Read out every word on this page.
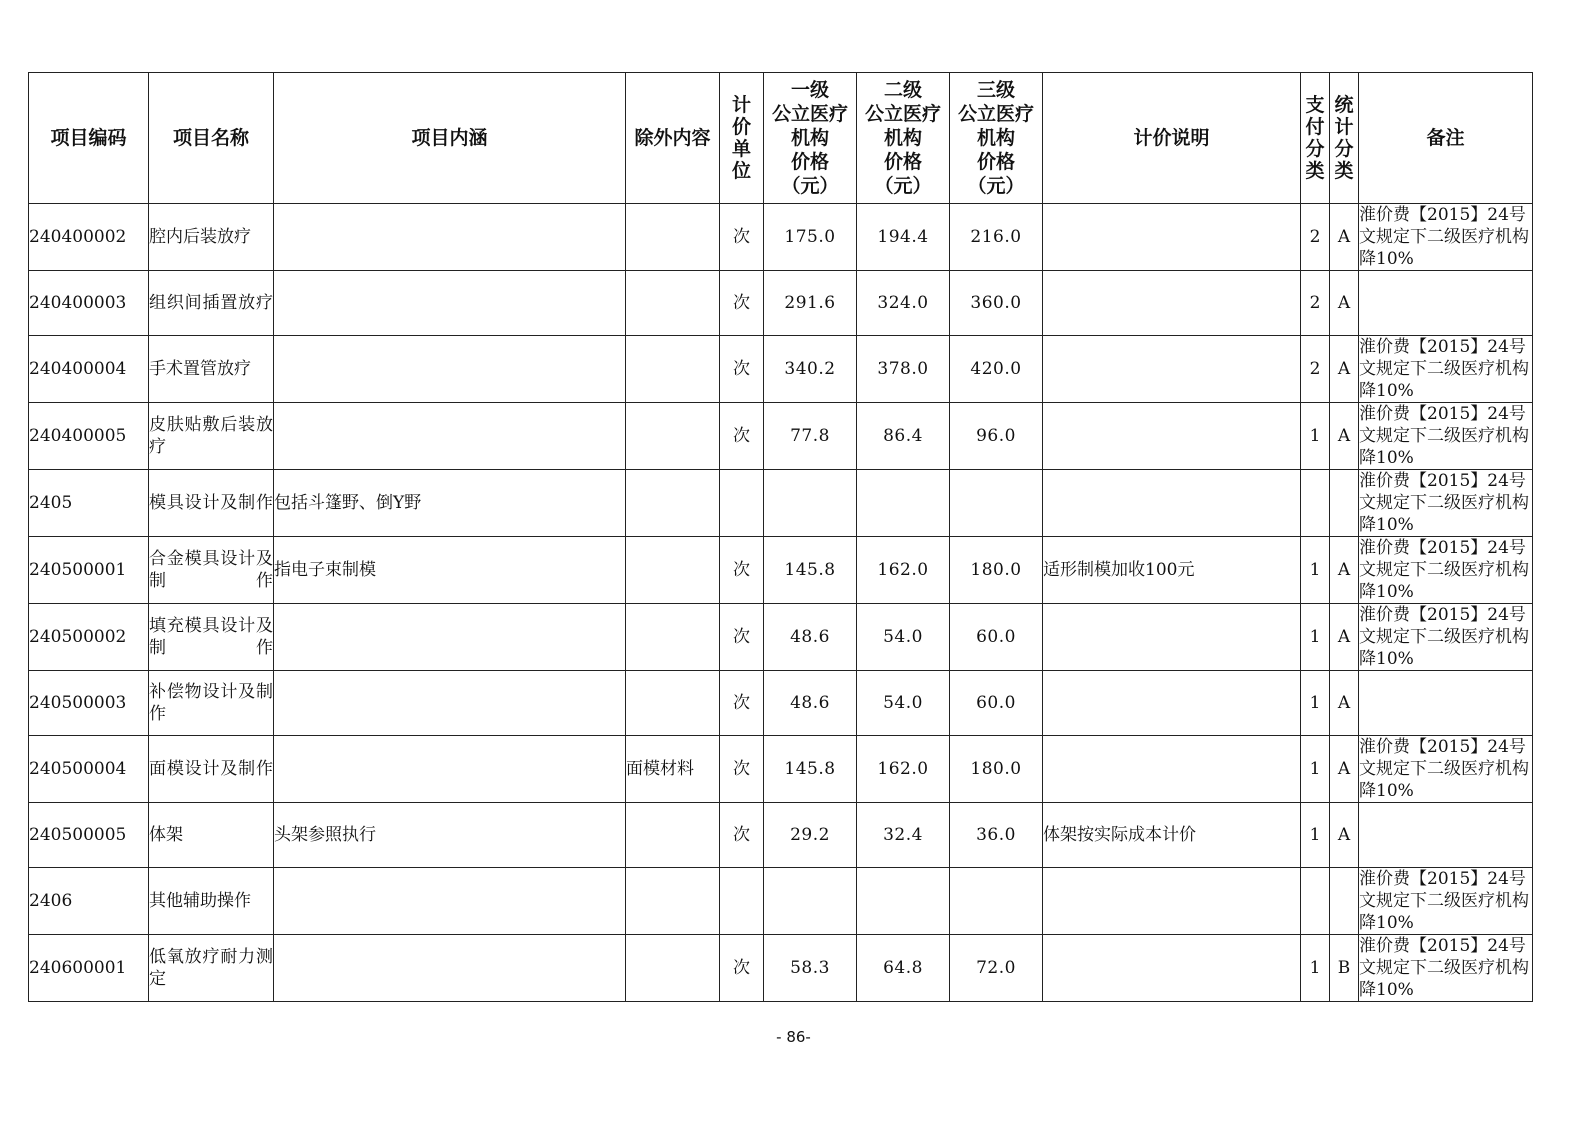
项目编码	项目名称	项目内涵	除外内容	计
价
单
位	一级
公立医疗
机构
价格
（元）	二级
公立医疗
机构
价格
（元）	三级
公立医疗
机构
价格
（元）	计价说明	支
付
分
类	统
计
分
类	备注
240400002	腔内后装放疗			次	175.0	194.4	216.0		2	A	淮价费【2015】24号文规定下二级医疗机构降10%
240400003	组织间插置放疗			次	291.6	324.0	360.0		2	A	
240400004	手术置管放疗			次	340.2	378.0	420.0		2	A	淮价费【2015】24号文规定下二级医疗机构降10%
240400005	皮肤贴敷后装放疗			次	77.8	86.4	96.0		1	A	淮价费【2015】24号文规定下二级医疗机构降10%
2405	模具设计及制作	包括斗篷野、倒Y野									淮价费【2015】24号文规定下二级医疗机构降10%
240500001	合金模具设计及制作	指电子束制模		次	145.8	162.0	180.0	适形制模加收100元	1	A	淮价费【2015】24号文规定下二级医疗机构降10%
240500002	填充模具设计及制作			次	48.6	54.0	60.0		1	A	淮价费【2015】24号文规定下二级医疗机构降10%
240500003	补偿物设计及制作			次	48.6	54.0	60.0		1	A	
240500004	面模设计及制作		面模材料	次	145.8	162.0	180.0		1	A	淮价费【2015】24号文规定下二级医疗机构降10%
240500005	体架	头架参照执行		次	29.2	32.4	36.0	体架按实际成本计价	1	A	
2406	其他辅助操作										淮价费【2015】24号文规定下二级医疗机构降10%
240600001	低氧放疗耐力测定			次	58.3	64.8	72.0		1	B	淮价费【2015】24号文规定下二级医疗机构降10%
- 86-
